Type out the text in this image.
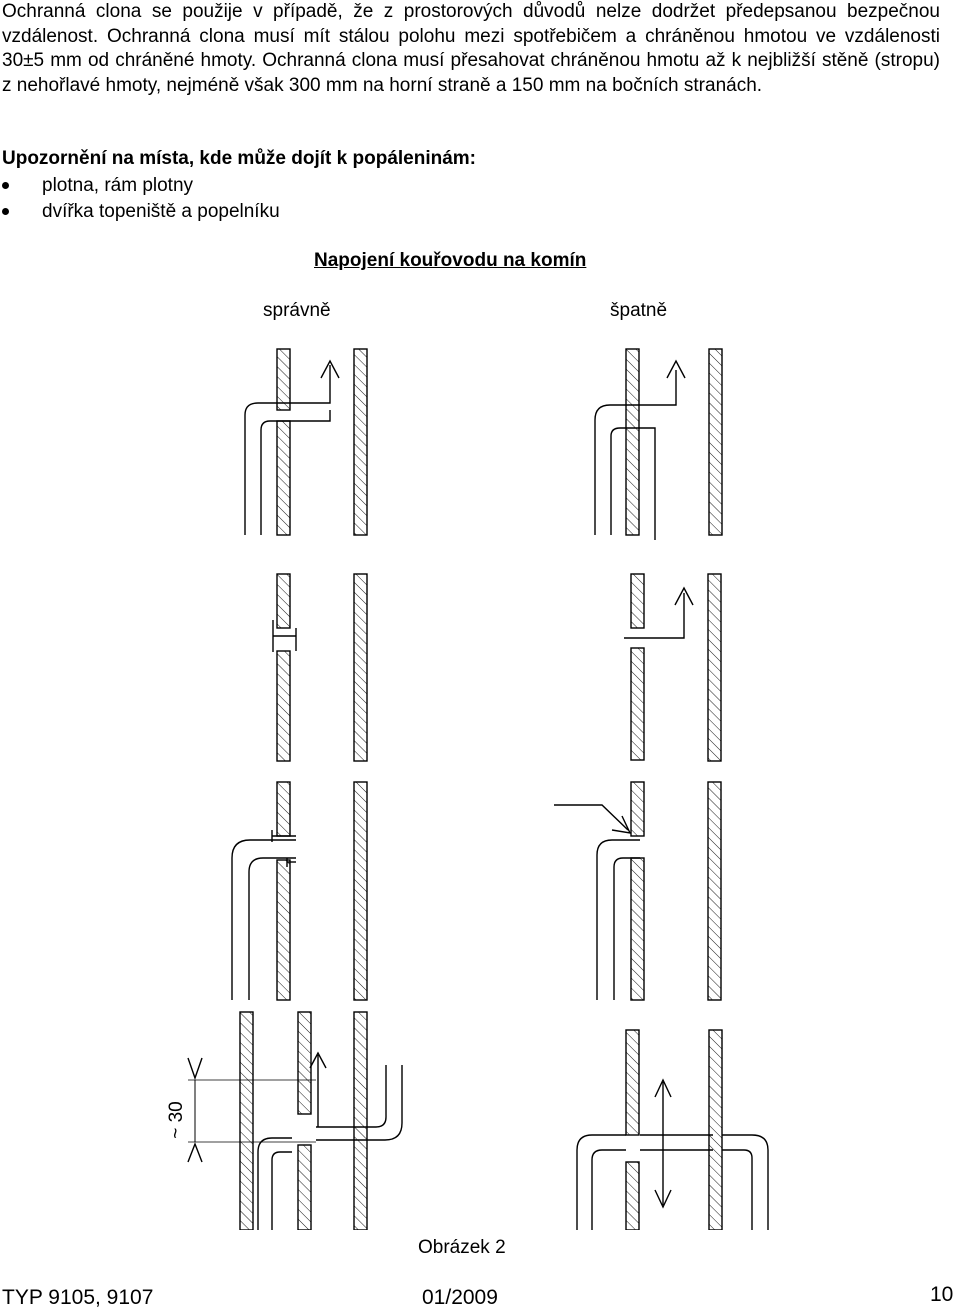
Ochranná clona se použije v případě, že z prostorových důvodů nelze dodržet předepsanou bezpečnou vzdálenost. Ochranná clona musí mít stálou polohu mezi spotřebičem a chráněnou hmotou ve vzdálenosti 30±5 mm od chráněné hmoty. Ochranná clona musí přesahovat chráněnou hmotu až k nejbližší stěně (stropu) z nehořlavé hmoty, nejméně však 300 mm na horní straně a 150 mm na bočních stranách.
Upozornění na místa, kde může dojít k popáleninám:
plotna, rám plotny
dvířka topeniště a popelníku
Napojení kouřovodu na komín
správně	špatně
~ 30
Obrázek 2
TYP 9105, 9107	01/2009	10
